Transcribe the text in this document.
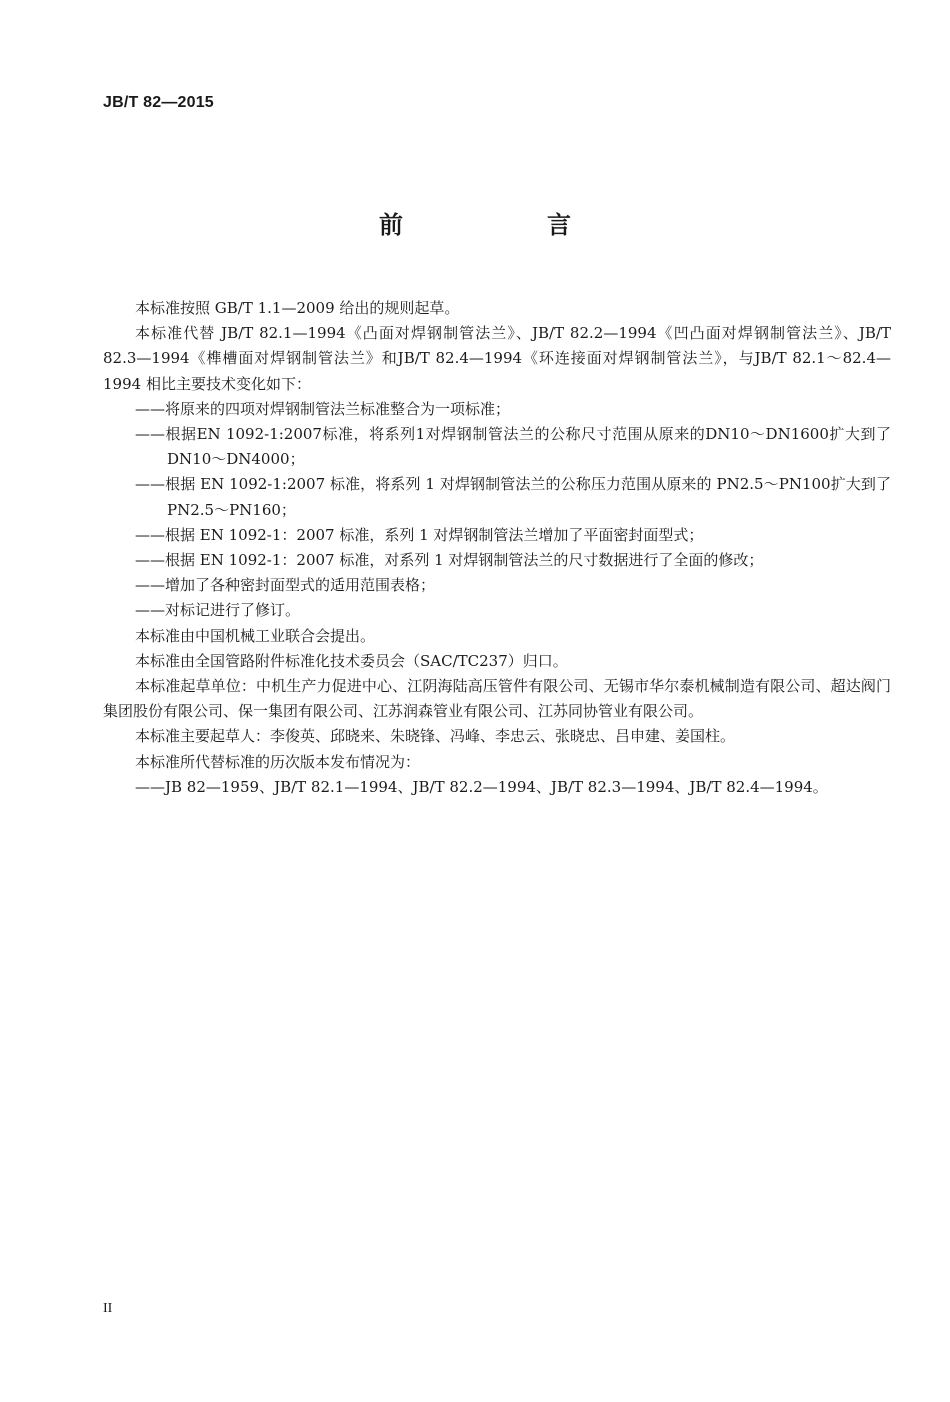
JB/T 82—2015
前　言

本标准按照 GB/T 1.1—2009 给出的规则起草。

本标准代替 JB/T 82.1—1994《凸面对焊钢制管法兰》、JB/T 82.2—1994《凹凸面对焊钢制管法兰》、JB/T 82.3—1994《榫槽面对焊钢制管法兰》和JB/T 82.4—1994《环连接面对焊钢制管法兰》，与JB/T 82.1～82.4—1994 相比主要技术变化如下：

——将原来的四项对焊钢制管法兰标准整合为一项标准；

——根据EN 1092-1:2007标准，将系列1对焊钢制管法兰的公称尺寸范围从原来的DN10～DN1600扩大到了 DN10～DN4000；

——根据 EN 1092-1:2007 标准，将系列 1 对焊钢制管法兰的公称压力范围从原来的 PN2.5～PN100扩大到了 PN2.5～PN160；

——根据 EN 1092-1：2007 标准，系列 1 对焊钢制管法兰增加了平面密封面型式；

——根据 EN 1092-1：2007 标准，对系列 1 对焊钢制管法兰的尺寸数据进行了全面的修改；

——增加了各种密封面型式的适用范围表格；

——对标记进行了修订。

本标准由中国机械工业联合会提出。

本标准由全国管路附件标准化技术委员会（SAC/TC237）归口。

本标准起草单位：中机生产力促进中心、江阴海陆高压管件有限公司、无锡市华尔泰机械制造有限公司、超达阀门集团股份有限公司、保一集团有限公司、江苏润森管业有限公司、江苏同协管业有限公司。

本标准主要起草人：李俊英、邱晓来、朱晓锋、冯峰、李忠云、张晓忠、吕申建、姜国柱。

本标准所代替标准的历次版本发布情况为：

——JB 82—1959、JB/T 82.1—1994、JB/T 82.2—1994、JB/T 82.3—1994、JB/T 82.4—1994。

II
